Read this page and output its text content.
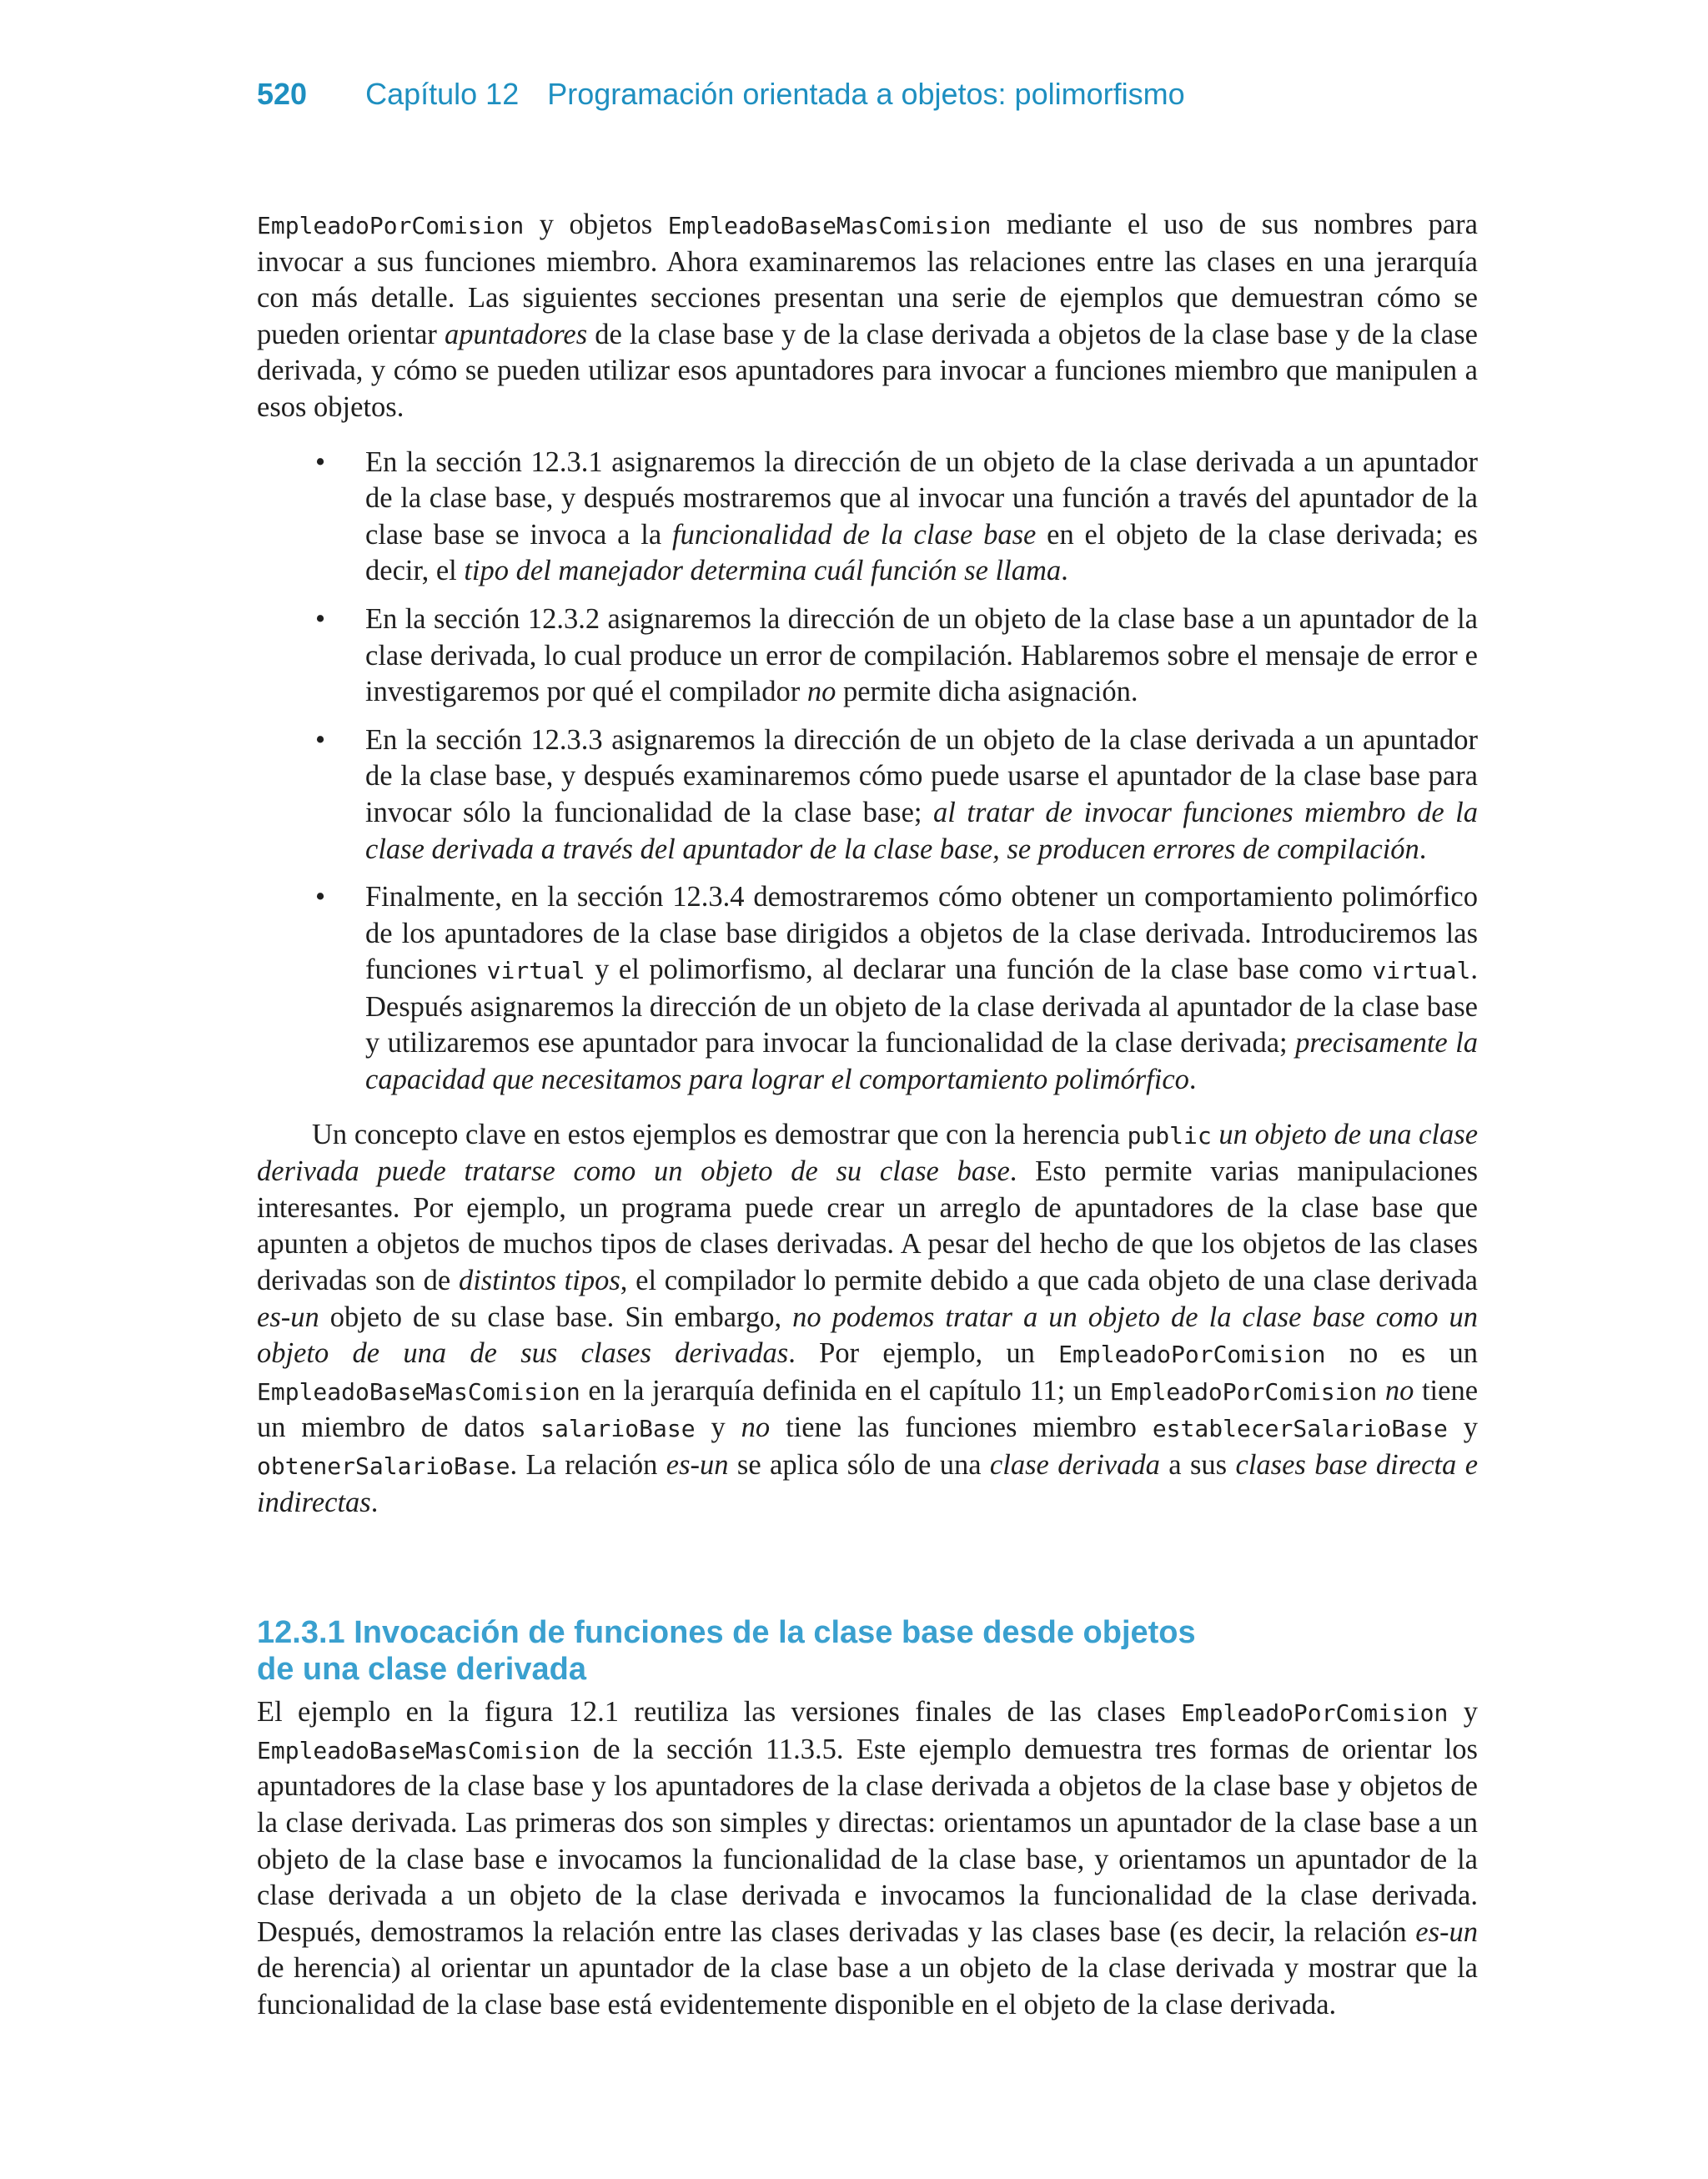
520 Capítulo 12 Programación orientada a objetos: polimorfismo

EmpleadoPorComision y objetos EmpleadoBaseMasComision mediante el uso de sus nombres para invocar a sus funciones miembro. Ahora examinaremos las relaciones entre las clases en una jerarquía con más detalle. Las siguientes secciones presentan una serie de ejemplos que demuestran cómo se pueden orientar apuntadores de la clase base y de la clase derivada a objetos de la clase base y de la clase derivada, y cómo se pueden utilizar esos apuntadores para invocar a funciones miembro que manipulen a esos objetos.

• En la sección 12.3.1 asignaremos la dirección de un objeto de la clase derivada a un apuntador de la clase base, y después mostraremos que al invocar una función a través del apuntador de la clase base se invoca a la funcionalidad de la clase base en el objeto de la clase derivada; es decir, el tipo del manejador determina cuál función se llama.
• En la sección 12.3.2 asignaremos la dirección de un objeto de la clase base a un apuntador de la clase derivada, lo cual produce un error de compilación. Hablaremos sobre el mensaje de error e investigaremos por qué el compilador no permite dicha asignación.
• En la sección 12.3.3 asignaremos la dirección de un objeto de la clase derivada a un apuntador de la clase base, y después examinaremos cómo puede usarse el apuntador de la clase base para invocar sólo la funcionalidad de la clase base; al tratar de invocar funciones miembro de la clase derivada a través del apuntador de la clase base, se producen errores de compilación.
• Finalmente, en la sección 12.3.4 demostraremos cómo obtener un comportamiento polimórfico de los apuntadores de la clase base dirigidos a objetos de la clase derivada. Introduciremos las funciones virtual y el polimorfismo, al declarar una función de la clase base como virtual. Después asignaremos la dirección de un objeto de la clase derivada al apuntador de la clase base y utilizaremos ese apuntador para invocar la funcionalidad de la clase derivada; precisamente la capacidad que necesitamos para lograr el comportamiento polimórfico.

Un concepto clave en estos ejemplos es demostrar que con la herencia public un objeto de una clase derivada puede tratarse como un objeto de su clase base. Esto permite varias manipulaciones interesantes. Por ejemplo, un programa puede crear un arreglo de apuntadores de la clase base que apunten a objetos de muchos tipos de clases derivadas. A pesar del hecho de que los objetos de las clases derivadas son de distintos tipos, el compilador lo permite debido a que cada objeto de una clase derivada es-un objeto de su clase base. Sin embargo, no podemos tratar a un objeto de la clase base como un objeto de una de sus clases derivadas. Por ejemplo, un EmpleadoPorComision no es un EmpleadoBaseMasComision en la jerarquía definida en el capítulo 11; un EmpleadoPorComision no tiene un miembro de datos salarioBase y no tiene las funciones miembro establecerSalarioBase y obtenerSalarioBase. La relación es-un se aplica sólo de una clase derivada a sus clases base directa e indirectas.

12.3.1 Invocación de funciones de la clase base desde objetos
de una clase derivada

El ejemplo en la figura 12.1 reutiliza las versiones finales de las clases EmpleadoPorComision y EmpleadoBaseMasComision de la sección 11.3.5. Este ejemplo demuestra tres formas de orientar los apuntadores de la clase base y los apuntadores de la clase derivada a objetos de la clase base y objetos de la clase derivada. Las primeras dos son simples y directas: orientamos un apuntador de la clase base a un objeto de la clase base e invocamos la funcionalidad de la clase base, y orientamos un apuntador de la clase derivada a un objeto de la clase derivada e invocamos la funcionalidad de la clase derivada. Después, demostramos la relación entre las clases derivadas y las clases base (es decir, la relación es-un de herencia) al orientar un apuntador de la clase base a un objeto de la clase derivada y mostrar que la funcionalidad de la clase base está evidentemente disponible en el objeto de la clase derivada.
